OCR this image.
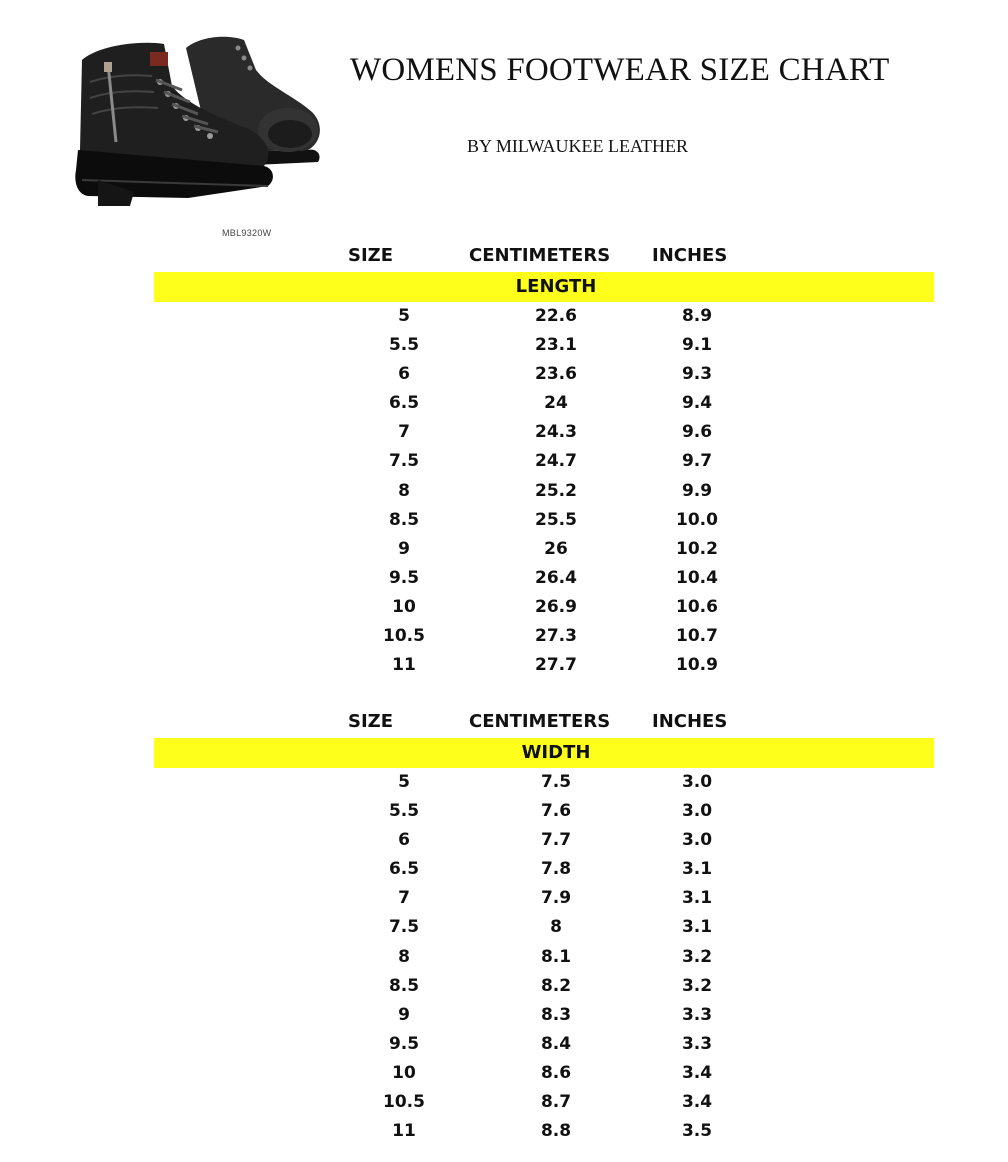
MBL9320W
WOMENS FOOTWEAR SIZE CHART
BY MILWAUKEE LEATHER
SIZE	CENTIMETERS INCHES
LENGTH
5	22.6	8.9
5.5	23.1	9.1
6	23.6	9.3
6.5	24	9.4
7	24.3	9.6
7.5	24.7	9.7
8	25.2	9.9
8.5	25.5	10.0
9	26	10.2
9.5	26.4	10.4
10	26.9	10.6
10.5	27.3	10.7
11	27.7	10.9
SIZE	CENTIMETERS INCHES
WIDTH
5	7.5	3.0
5.5	7.6	3.0
6	7.7	3.0
6.5	7.8	3.1
7	7.9	3.1
7.5	8	3.1
8	8.1	3.2
8.5	8.2	3.2
9	8.3	3.3
9.5	8.4	3.3
10	8.6	3.4
10.5	8.7	3.4
11	8.8	3.5
